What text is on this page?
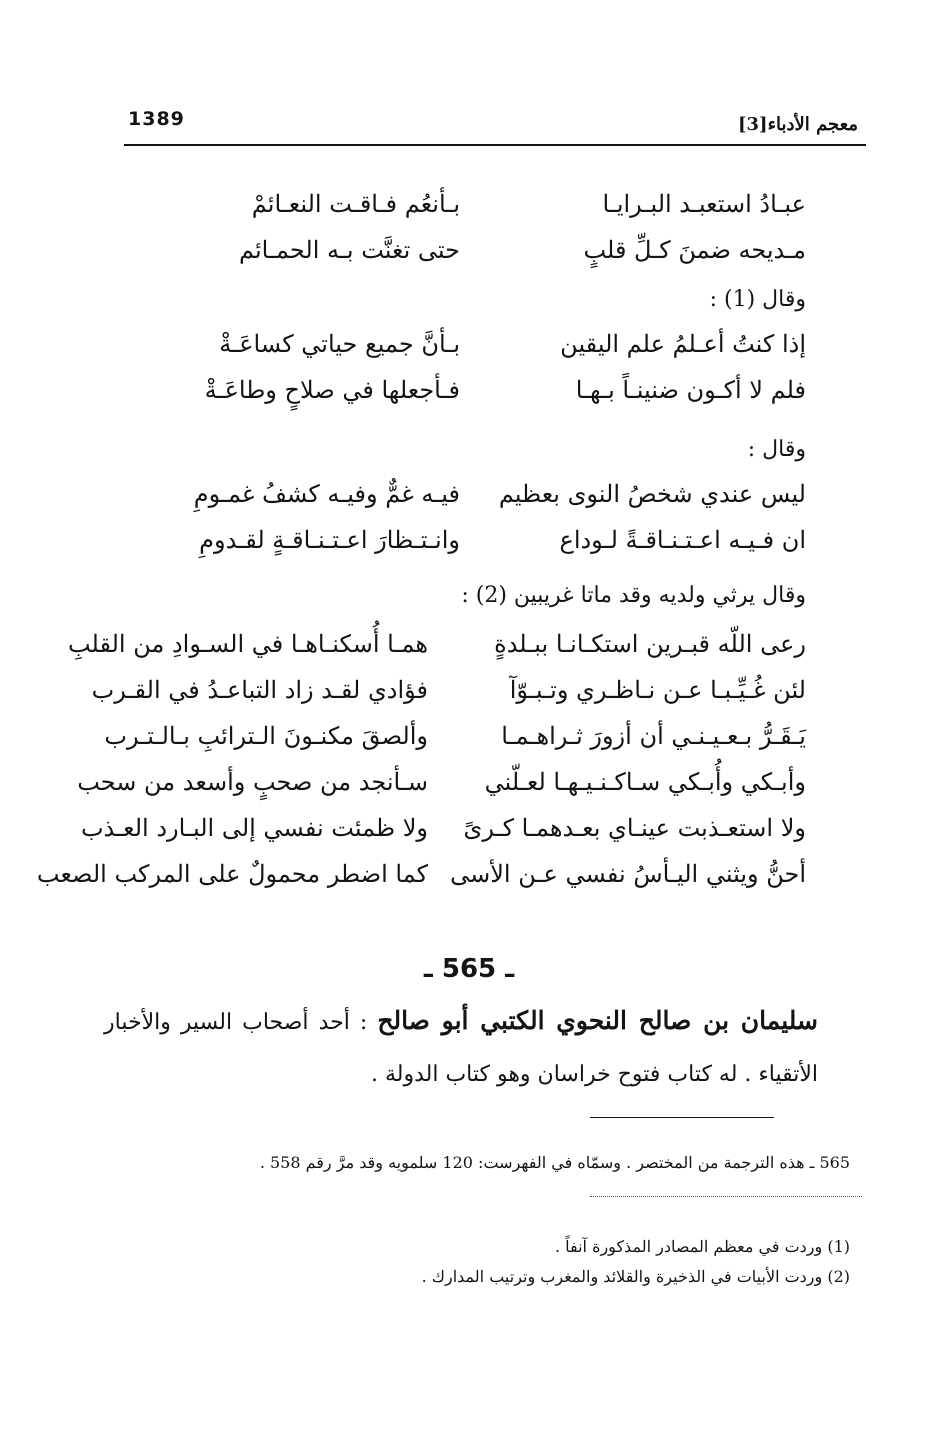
1389	معجم الأدباء[3]
عبـادُ استعبـد البـرايـا
بـأنعُم فـاقـت النعـائمْ
مـديحه ضمنَ كـلِّ قلبٍ
حتى تغنَّت بـه الحمـائم
وقال (1) :
إذا كنتُ أعـلمُ علم اليقين
بـأنَّ جميع حياتي كساعَـةْ
فلم لا أكـون ضنينـاً بـهـا
فـأجعلها في صلاحٍ وطاعَـةْ
وقال :
ليس عندي شخصُ النوى بعظيم
فيـه غمٌّ وفيـه كشفُ غمـومِ
ان فـيـه اعـتـنـاقـةً لـوداع
وانـتـظارَ اعـتـنـاقـةٍ لقـدومِ
وقال يرثي ولديه وقد ماتا غريبين (2) :
رعى اللّه قبـرين استكـانـا ببـلدةٍ
همـا أُسكنـاهـا في السـوادِ من القلبِ
لئن غُـيِّـبـا عـن نـاظـري وتـبـوّآ
فؤادي لقـد زاد التباعـدُ في القـرب
يَـقَـرُّ بـعـيـنـي أن أزورَ ثـراهـمـا
وألصقَ مكنـونَ الـترائبِ بـالـتـرب
وأبـكي وأُبـكي سـاكـنـيـهـا لعـلّني
سـأنجد من صحبٍ وأسعد من سحب
ولا استعـذبت عينـاي بعـدهمـا كـرىً
ولا ظمئت نفسي إلى البـارد العـذب
أحنُّ ويثني اليـأسُ نفسي عـن الأسى
كما اضطر محمولٌ على المركب الصعب
ـ 565 ـ
سليمان بن صالح النحوي الكتبي أبو صالح : أحد أصحاب السير والأخبار الأتقياء . له كتاب فتوح خراسان وهو كتاب الدولة .
565 ـ هذه الترجمة من المختصر . وسمّاه في الفهرست: 120 سلمويه وقد مرَّ رقم 558 .
(1) وردت في معظم المصادر المذكورة آنفاً .
(2) وردت الأبيات في الذخيرة والقلائد والمغرب وترتيب المدارك .
